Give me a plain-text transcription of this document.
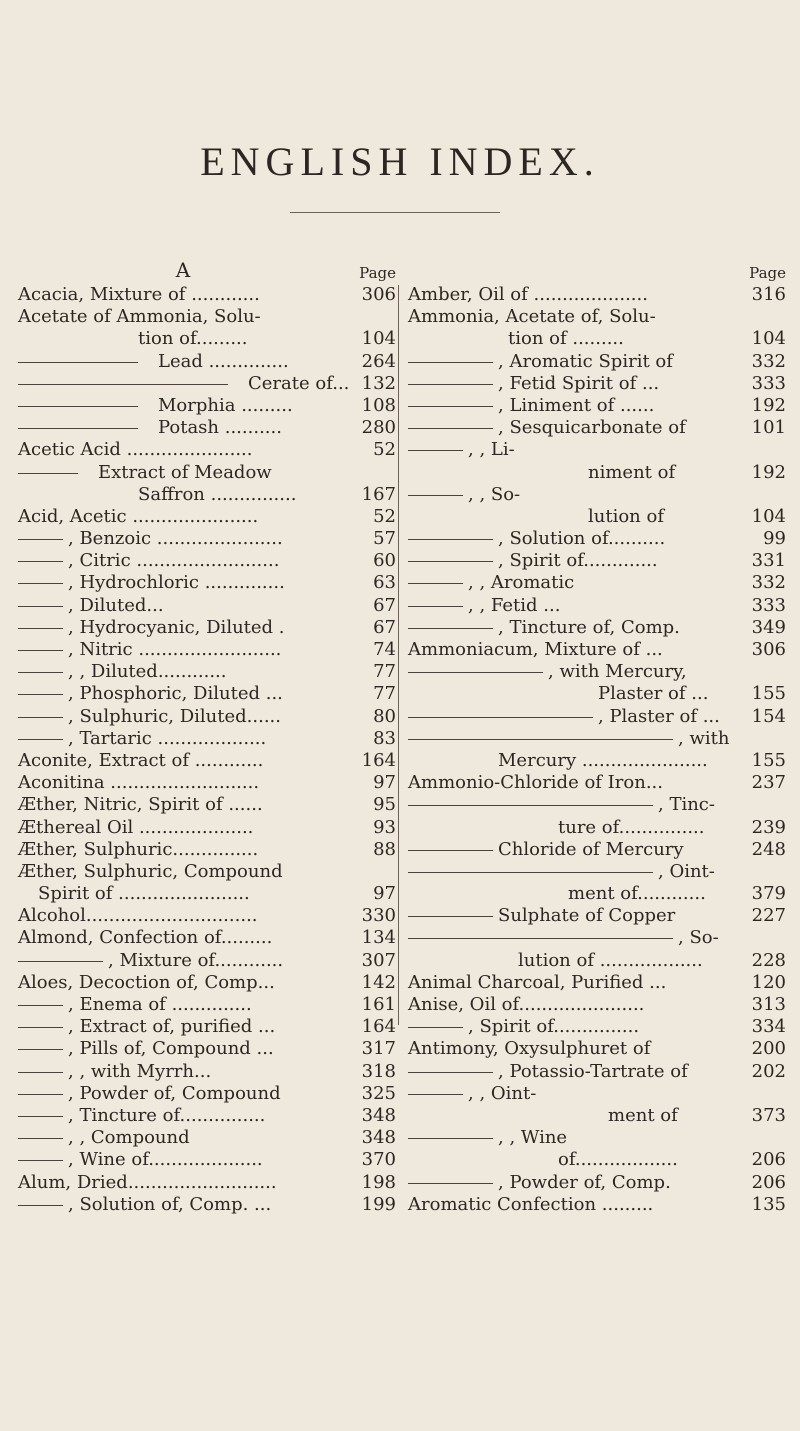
ENGLISH INDEX.
A	Page
Acacia, Mixture of ............	306
Acetate of Ammonia, Solu-
tion of.........	104
Lead ..............	264
Cerate of... 132
Morphia .........	108
Potash ..........	280
Acetic Acid ......................	52
Extract of Meadow
Saffron ...............	167
Acid, Acetic ......................	52
, Benzoic ......................	57
, Citric .........................	60
, Hydrochloric ..............	63
, Diluted...	67
, Hydrocyanic, Diluted .	67
, Nitric .........................	74
, , Diluted............	77
, Phosphoric, Diluted ...	77
, Sulphuric, Diluted......	80
, Tartaric ...................	83
Aconite, Extract of ............	164
Aconitina ..........................	97
Æther, Nitric, Spirit of ......	95
Æthereal Oil ....................	93
Æther, Sulphuric...............	88
Æther, Sulphuric, Compound
Spirit of .......................	97
Alcohol..............................	330
Almond, Confection of.........	134
, Mixture of............	307
Aloes, Decoction of, Comp...	142
, Enema of ..............	161
, Extract of, purified ...	164
, Pills of, Compound ...	317
, , with Myrrh...	318
, Powder of, Compound	325
, Tincture of...............	348
, , Compound	348
, Wine of....................	370
Alum, Dried..........................	198
, Solution of, Comp. ...	199
Page
Amber, Oil of ....................	316
Ammonia, Acetate of, Solu-
tion of .........	104
, Aromatic Spirit of	332
, Fetid Spirit of ...	333
, Liniment of ......	192
, Sesquicarbonate of	101
, , Li-
niment of	192
, , So-
lution of	104
, Solution of..........	99
, Spirit of.............	331
, , Aromatic	332
, , Fetid ...	333
, Tincture of, Comp.	349
Ammoniacum, Mixture of ...	306
, with Mercury,
Plaster of ... 155
, Plaster of ... 154
, with
Mercury ...................... 155
Ammonio-Chloride of Iron...	237
, Tinc-
ture of...............	239
Chloride of Mercury	248
, Oint-
ment of............	379
Sulphate of Copper	227
, So-
lution of ..................	228
Animal Charcoal, Purified ...	120
Anise, Oil of......................	313
, Spirit of...............	334
Antimony, Oxysulphuret of	200
, Potassio-Tartrate of	202
, , Oint-
ment of	373
, , Wine
of..................	206
, Powder of, Comp.	206
Aromatic Confection .........	135
